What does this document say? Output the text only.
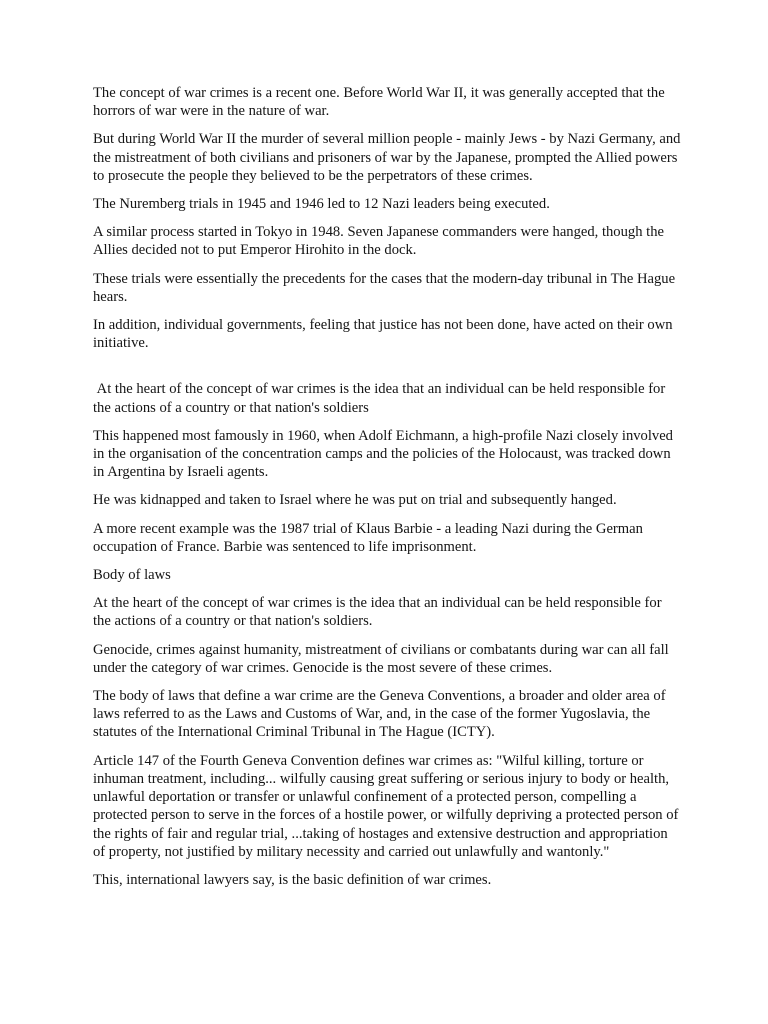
The concept of war crimes is a recent one. Before World War II, it was generally accepted that the horrors of war were in the nature of war.

But during World War II the murder of several million people - mainly Jews - by Nazi Germany, and the mistreatment of both civilians and prisoners of war by the Japanese, prompted the Allied powers to prosecute the people they believed to be the perpetrators of these crimes.

The Nuremberg trials in 1945 and 1946 led to 12 Nazi leaders being executed.

A similar process started in Tokyo in 1948. Seven Japanese commanders were hanged, though the Allies decided not to put Emperor Hirohito in the dock.

These trials were essentially the precedents for the cases that the modern-day tribunal in The Hague hears.

In addition, individual governments, feeling that justice has not been done, have acted on their own initiative.

At the heart of the concept of war crimes is the idea that an individual can be held responsible for the actions of a country or that nation's soldiers

This happened most famously in 1960, when Adolf Eichmann, a high-profile Nazi closely involved in the organisation of the concentration camps and the policies of the Holocaust, was tracked down in Argentina by Israeli agents.

He was kidnapped and taken to Israel where he was put on trial and subsequently hanged.

A more recent example was the 1987 trial of Klaus Barbie - a leading Nazi during the German occupation of France. Barbie was sentenced to life imprisonment.

Body of laws

At the heart of the concept of war crimes is the idea that an individual can be held responsible for the actions of a country or that nation's soldiers.

Genocide, crimes against humanity, mistreatment of civilians or combatants during war can all fall under the category of war crimes. Genocide is the most severe of these crimes.

The body of laws that define a war crime are the Geneva Conventions, a broader and older area of laws referred to as the Laws and Customs of War, and, in the case of the former Yugoslavia, the statutes of the International Criminal Tribunal in The Hague (ICTY).

Article 147 of the Fourth Geneva Convention defines war crimes as: "Wilful killing, torture or inhuman treatment, including... wilfully causing great suffering or serious injury to body or health, unlawful deportation or transfer or unlawful confinement of a protected person, compelling a protected person to serve in the forces of a hostile power, or wilfully depriving a protected person of the rights of fair and regular trial, ...taking of hostages and extensive destruction and appropriation of property, not justified by military necessity and carried out unlawfully and wantonly."

This, international lawyers say, is the basic definition of war crimes.
